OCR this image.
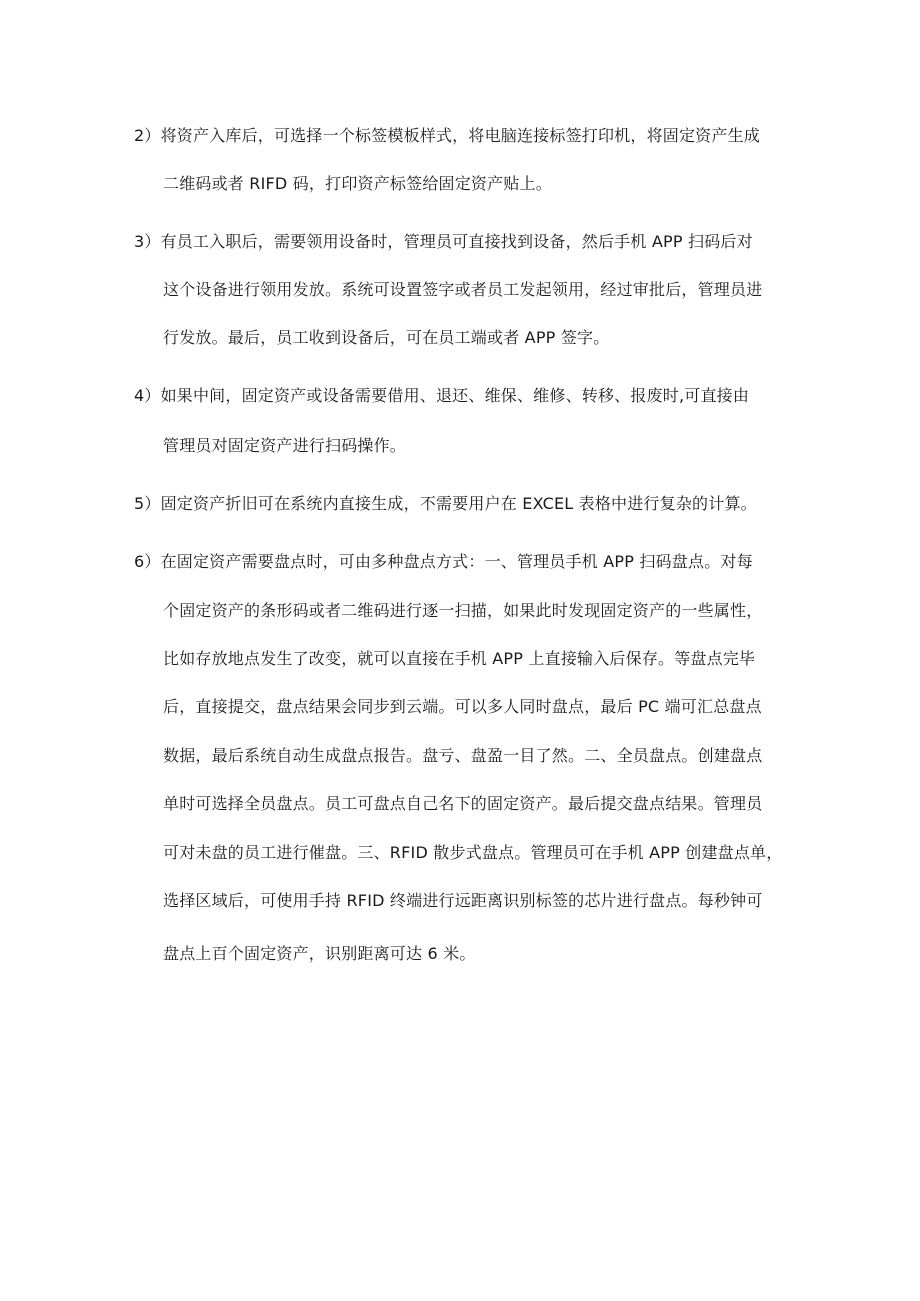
2）将资产入库后，可选择一个标签模板样式，将电脑连接标签打印机，将固定资产生成
二维码或者 RIFD 码，打印资产标签给固定资产贴上。
3）有员工入职后，需要领用设备时，管理员可直接找到设备，然后手机 APP 扫码后对
这个设备进行领用发放。系统可设置签字或者员工发起领用，经过审批后，管理员进
行发放。最后，员工收到设备后，可在员工端或者 APP 签字。
4）如果中间，固定资产或设备需要借用、退还、维保、维修、转移、报废时,可直接由
管理员对固定资产进行扫码操作。
5）固定资产折旧可在系统内直接生成，不需要用户在 EXCEL 表格中进行复杂的计算。
6）在固定资产需要盘点时，可由多种盘点方式：一、管理员手机 APP 扫码盘点。对每
个固定资产的条形码或者二维码进行逐一扫描，如果此时发现固定资产的一些属性，
比如存放地点发生了改变，就可以直接在手机 APP 上直接输入后保存。等盘点完毕
后，直接提交，盘点结果会同步到云端。可以多人同时盘点，最后 PC 端可汇总盘点
数据，最后系统自动生成盘点报告。盘亏、盘盈一目了然。二、全员盘点。创建盘点
单时可选择全员盘点。员工可盘点自己名下的固定资产。最后提交盘点结果。管理员
可对未盘的员工进行催盘。三、RFID 散步式盘点。管理员可在手机 APP 创建盘点单，
选择区域后，可使用手持 RFID 终端进行远距离识别标签的芯片进行盘点。每秒钟可
盘点上百个固定资产，识别距离可达 6 米。
